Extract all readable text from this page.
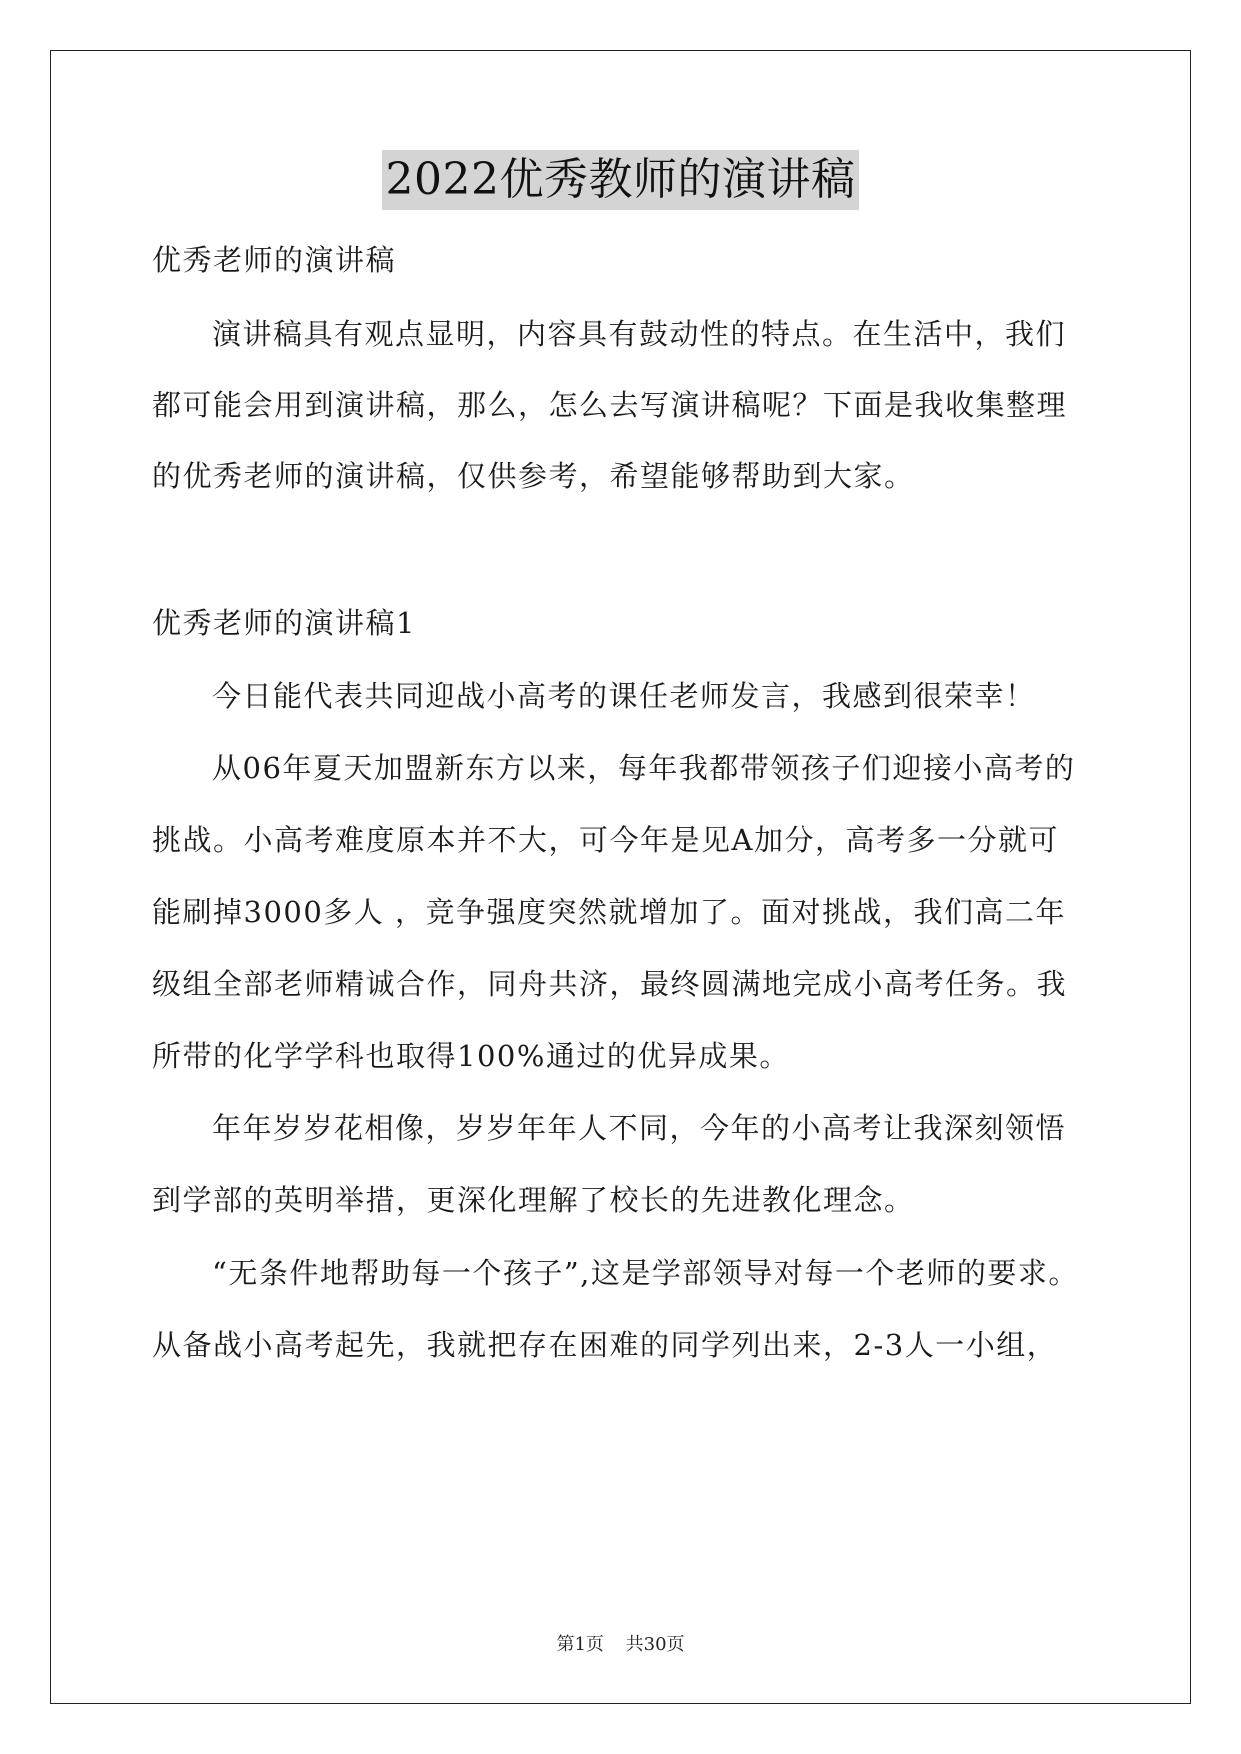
2022优秀教师的演讲稿
优秀老师的演讲稿
演讲稿具有观点显明，内容具有鼓动性的特点。在生活中，我们
都可能会用到演讲稿，那么，怎么去写演讲稿呢？下面是我收集整理
的优秀老师的演讲稿，仅供参考，希望能够帮助到大家。
优秀老师的演讲稿1
今日能代表共同迎战小高考的课任老师发言，我感到很荣幸！
从06年夏天加盟新东方以来，每年我都带领孩子们迎接小高考的
挑战。小高考难度原本并不大，可今年是见A加分，高考多一分就可
能刷掉3000多人 ，竞争强度突然就增加了。面对挑战，我们高二年
级组全部老师精诚合作，同舟共济，最终圆满地完成小高考任务。我
所带的化学学科也取得100%通过的优异成果。
年年岁岁花相像，岁岁年年人不同，今年的小高考让我深刻领悟
到学部的英明举措，更深化理解了校长的先进教化理念。
“无条件地帮助每一个孩子”,这是学部领导对每一个老师的要求。
从备战小高考起先，我就把存在困难的同学列出来，2-3人一小组，
第1页 共30页
